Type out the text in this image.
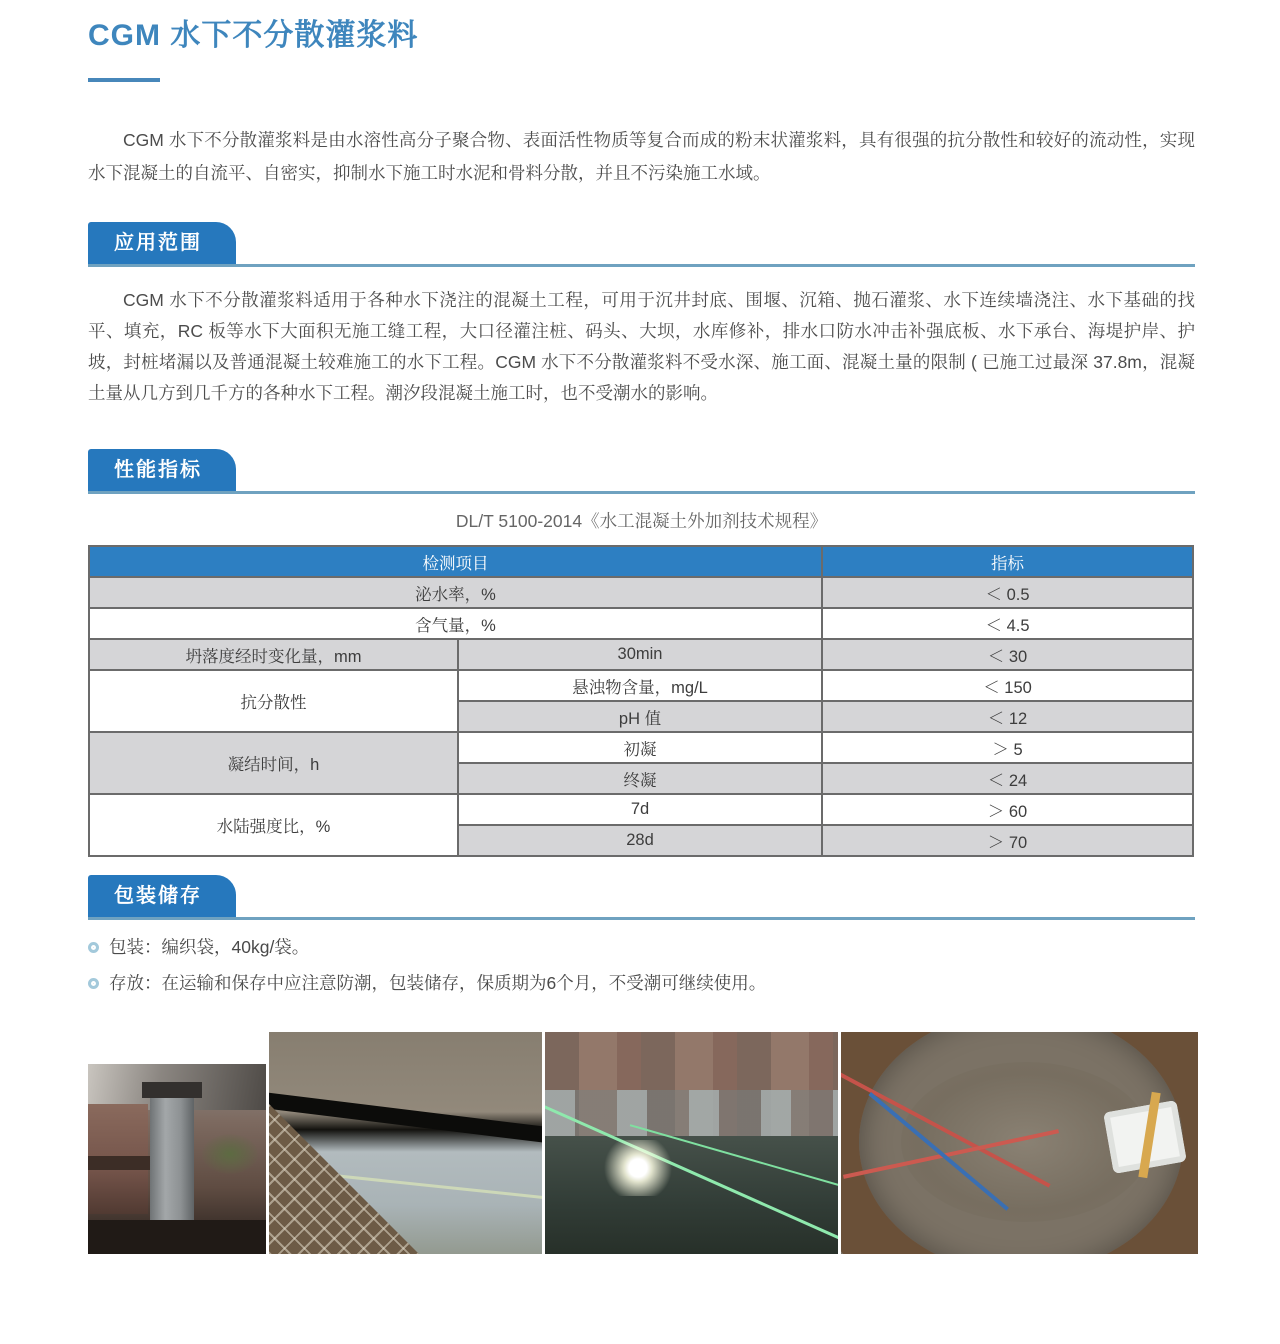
CGM 水下不分散灌浆料

CGM 水下不分散灌浆料是由水溶性高分子聚合物、表面活性物质等复合而成的粉末状灌浆料，具有很强的抗分散性和较好的流动性，实现水下混凝土的自流平、自密实，抑制水下施工时水泥和骨料分散，并且不污染施工水域。

应用范围

CGM 水下不分散灌浆料适用于各种水下浇注的混凝土工程，可用于沉井封底、围堰、沉箱、抛石灌浆、水下连续墙浇注、水下基础的找平、填充，RC 板等水下大面积无施工缝工程，大口径灌注桩、码头、大坝，水库修补，排水口防水冲击补强底板、水下承台、海堤护岸、护坡，封桩堵漏以及普通混凝土较难施工的水下工程。CGM 水下不分散灌浆料不受水深、施工面、混凝土量的限制 ( 已施工过最深 37.8m，混凝土量从几方到几千方的各种水下工程。潮汐段混凝土施工时，也不受潮水的影响。

性能指标
DL/T 5100-2014《水工混凝土外加剂技术规程》
检测项目		指标
泌水率，%		＜ 0.5
含气量，%		＜ 4.5
坍落度经时变化量，mm	30min	＜ 30
抗分散性	悬浊物含量，mg/L	＜ 150
	pH 值	＜ 12
凝结时间，h	初凝	＞ 5
	终凝	＜ 24
水陆强度比，%	7d	＞ 60
	28d	＞ 70
包装储存
包装：编织袋，40kg/袋。
存放：在运输和保存中应注意防潮，包装储存，保质期为6个月，不受潮可继续使用。
